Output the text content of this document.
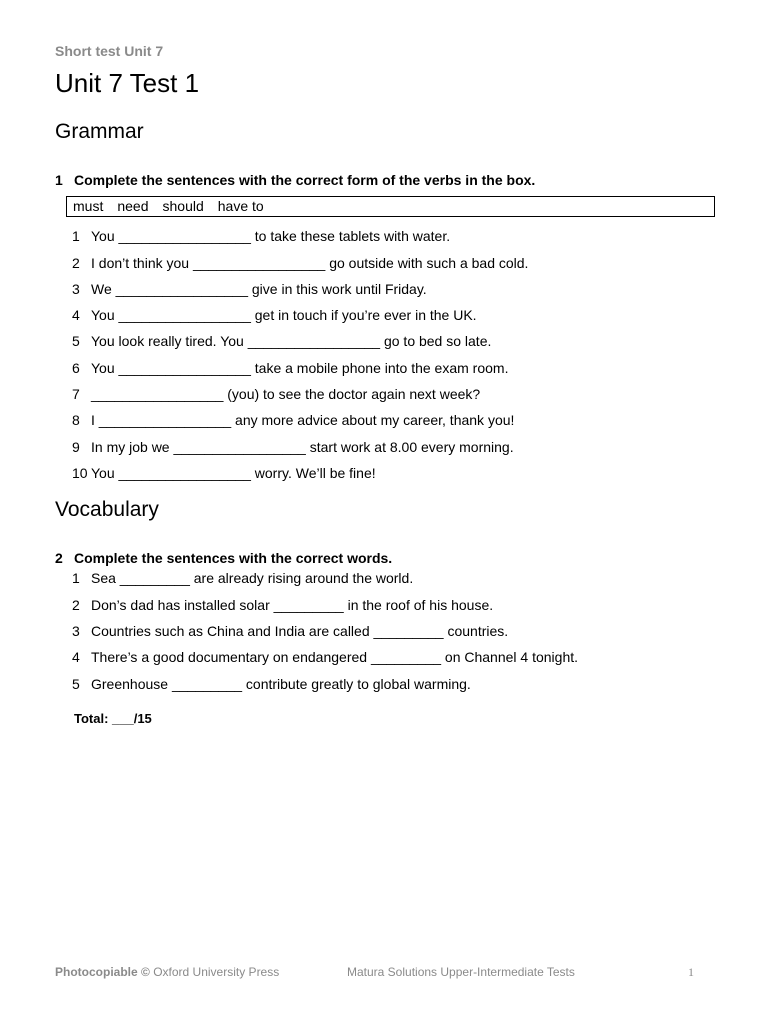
Short test Unit 7
Unit 7 Test 1
Grammar
1 Complete the sentences with the correct form of the verbs in the box.
must need should have to
1 You _________________ to take these tablets with water.
2 I don’t think you _________________ go outside with such a bad cold.
3 We _________________ give in this work until Friday.
4 You _________________ get in touch if you’re ever in the UK.
5 You look really tired. You _________________ go to bed so late.
6 You _________________ take a mobile phone into the exam room.
7 _________________ (you) to see the doctor again next week?
8 I _________________ any more advice about my career, thank you!
9 In my job we _________________ start work at 8.00 every morning.
10 You _________________ worry. We’ll be fine!
Vocabulary
2 Complete the sentences with the correct words.
1 Sea _________ are already rising around the world.
2 Don’s dad has installed solar _________ in the roof of his house.
3 Countries such as China and India are called _________ countries.
4 There’s a good documentary on endangered _________ on Channel 4 tonight.
5 Greenhouse _________ contribute greatly to global warming.
Total: ___/15
Photocopiable © Oxford University Press	Matura Solutions Upper-Intermediate Tests	1
